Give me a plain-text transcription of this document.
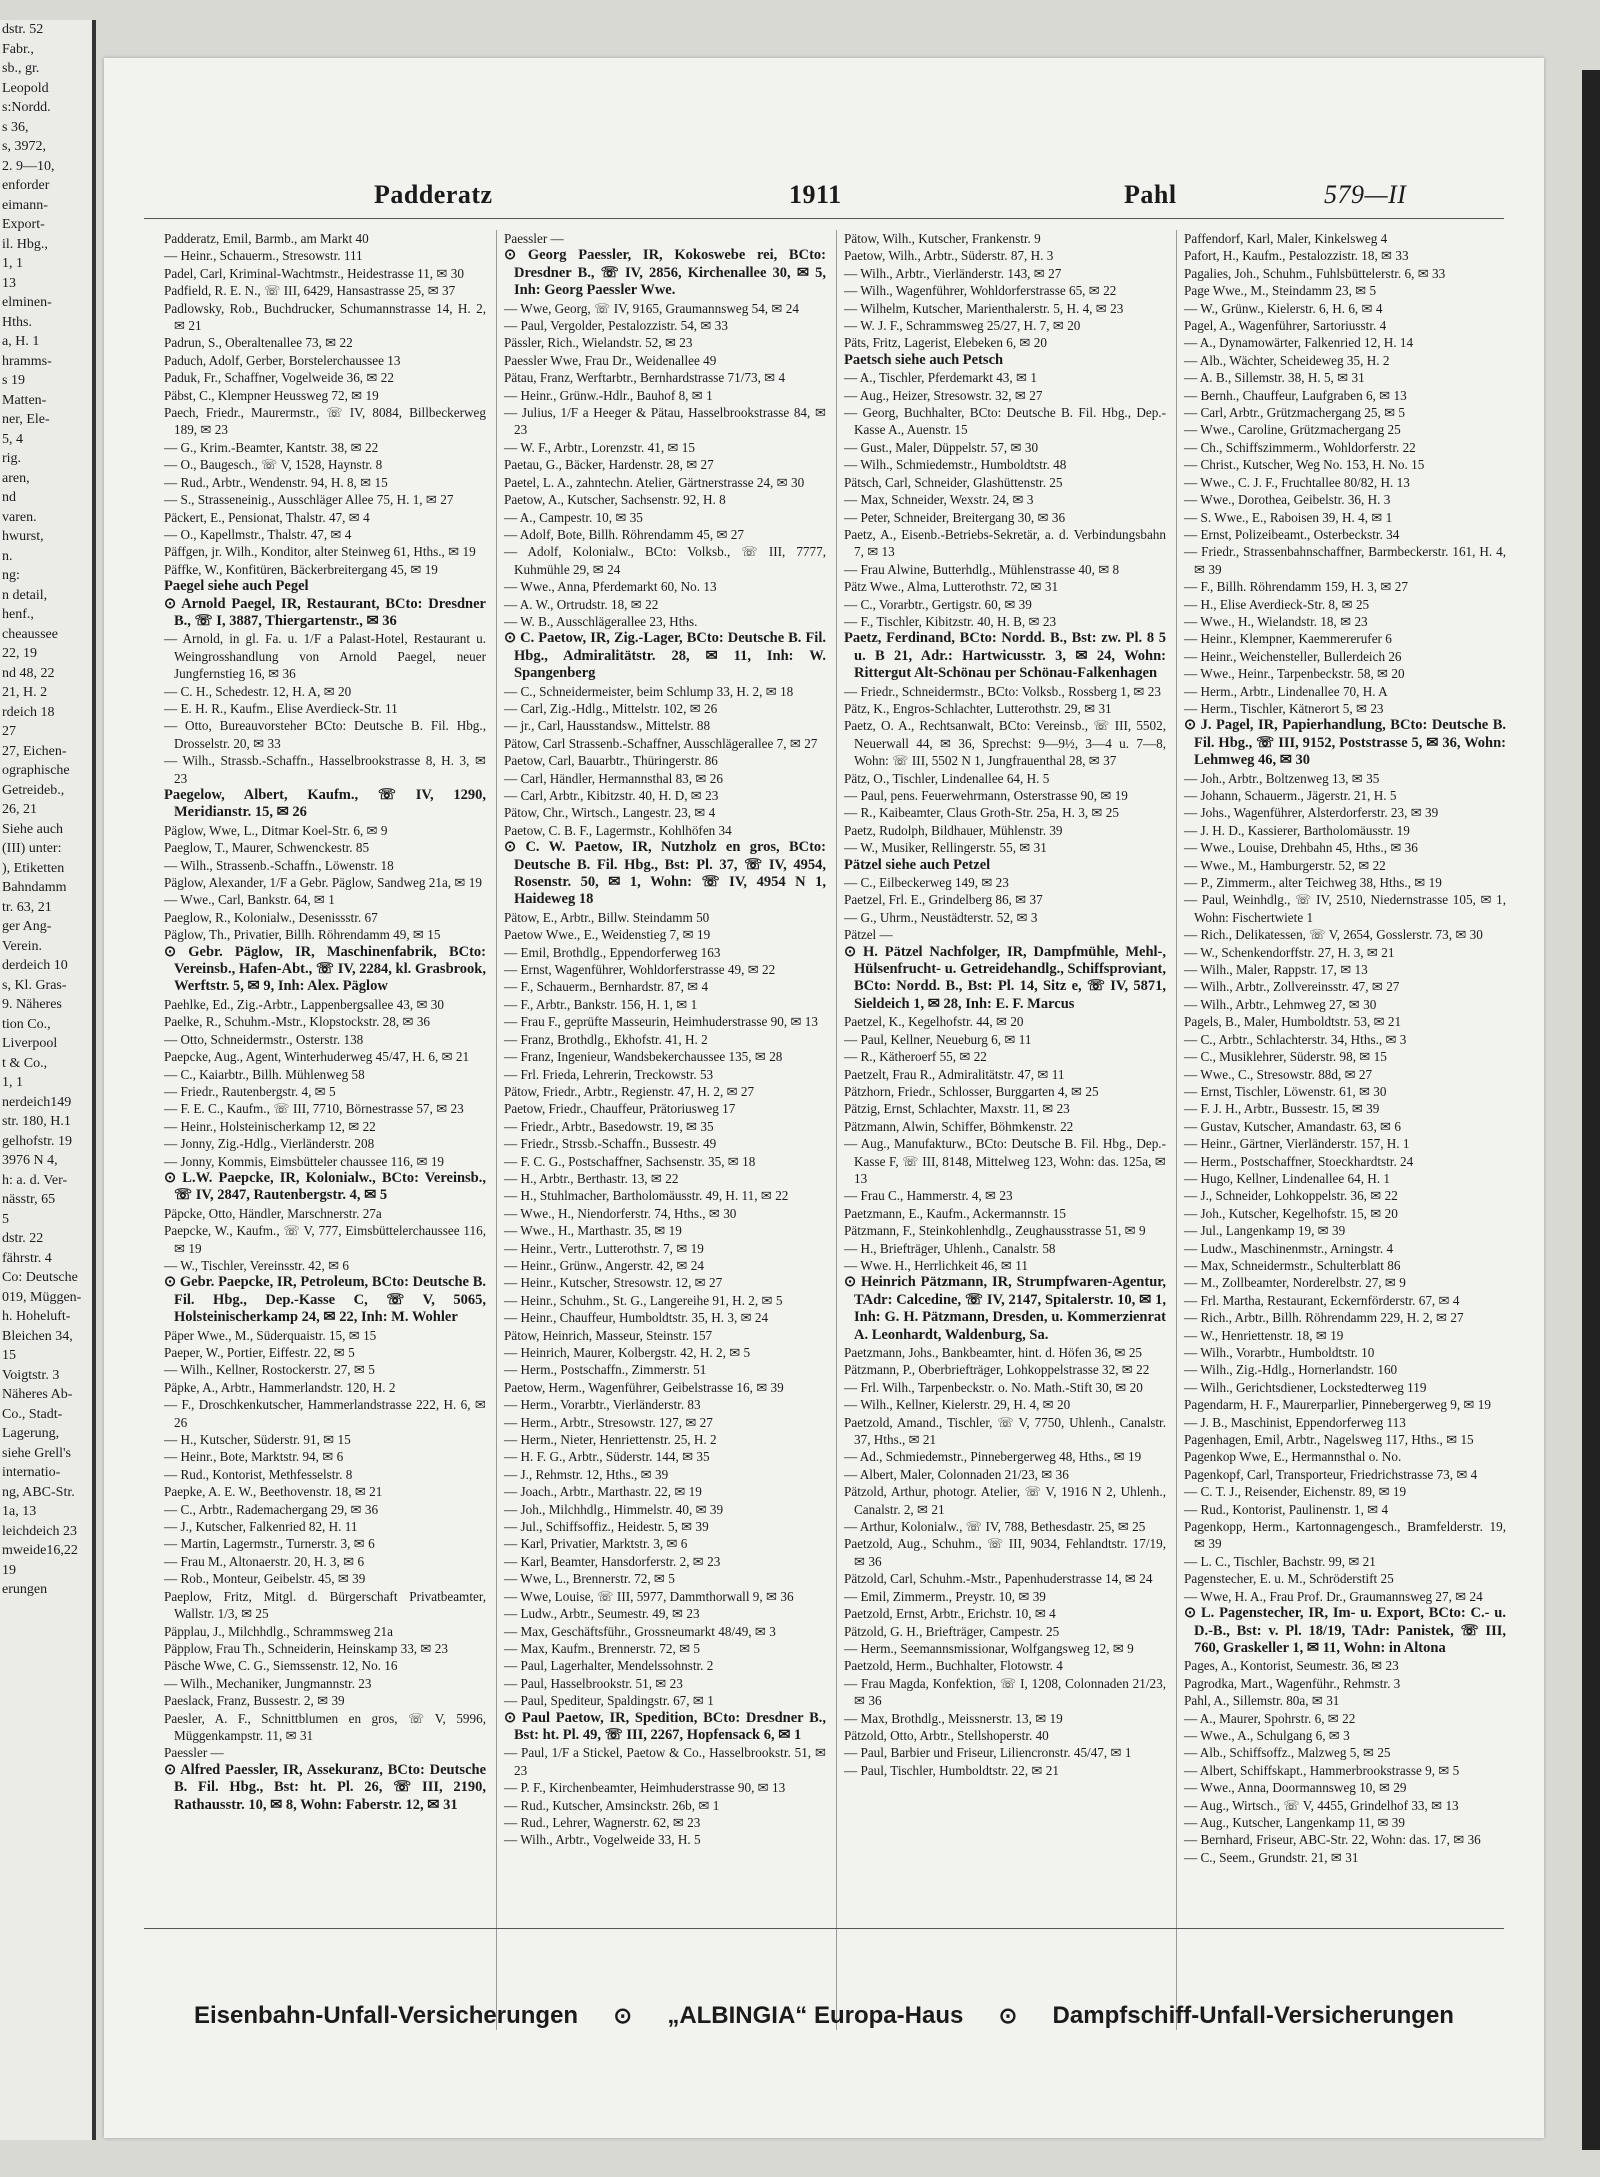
dstr. 52
Fabr.,
sb., gr.
Leopold
s:Nordd.
s 36,
s, 3972,
2. 9—10,
enforder
eimann-
Export-
il. Hbg.,
1, 1
13
elminen-
Hths.
a, H. 1
hramms-
s 19
Matten-
ner, Ele-
5, 4
rig.
aren,
nd
varen.
hwurst,
n.
ng:
n detail,
henf.,
cheaussee
22, 19
nd 48, 22
21, H. 2
rdeich 18
27
27, Eichen-
ographische
Getreideb.,
26, 21
Siehe auch
(III) unter:
), Etiketten
Bahndamm
tr. 63, 21
ger Ang-
Verein.
derdeich 10
s, Kl. Gras-
9. Näheres
tion Co.,
Liverpool
t & Co.,
1, 1
nerdeich149
str. 180, H.1
gelhofstr. 19
3976 N 4,
h: a. d. Ver-
nässtr, 65
5
dstr. 22
fährstr. 4
Co: Deutsche
019, Müggen-
h. Hoheluft-
Bleichen 34,
15
Voigtstr. 3
Näheres Ab-
Co., Stadt-
Lagerung,
siehe Grell's
internatio-
ng, ABC-Str.
1a, 13
leichdeich 23
mweide16,22
19
erungen
Padderatz	1911	Pahl	579—II
Padderatz, Emil, Barmb., am Markt 40
— Heinr., Schauerm., Stresowstr. 111
Padel, Carl, Kriminal-Wachtmstr., Heidestrasse 11, ✉ 30
Padfield, R. E. N., ☏ III, 6429, Hansastrasse 25, ✉ 37
Padlowsky, Rob., Buchdrucker, Schumannstrasse 14, H. 2, ✉ 21
Padrun, S., Oberaltenallee 73, ✉ 22
Paduch, Adolf, Gerber, Borstelerchaussee 13
Paduk, Fr., Schaffner, Vogelweide 36, ✉ 22
Päbst, C., Klempner Heussweg 72, ✉ 19
Paech, Friedr., Maurermstr., ☏ IV, 8084, Billbeckerweg 189, ✉ 23
— G., Krim.-Beamter, Kantstr. 38, ✉ 22
— O., Baugesch., ☏ V, 1528, Haynstr. 8
— Rud., Arbtr., Wendenstr. 94, H. 8, ✉ 15
— S., Strasseneinig., Ausschläger Allee 75, H. 1, ✉ 27
Päckert, E., Pensionat, Thalstr. 47, ✉ 4
— O., Kapellmstr., Thalstr. 47, ✉ 4
Päffgen, jr. Wilh., Konditor, alter Steinweg 61, Hths., ✉ 19
Päffke, W., Konfitüren, Bäckerbreitergang 45, ✉ 19
Paegel siehe auch Pegel
⊙ Arnold Paegel, IR, Restaurant, BCto: Dresdner B., ☏ I, 3887, Thiergartenstr., ✉ 36
— Arnold, in gl. Fa. u. 1/F a Palast-Hotel, Restaurant u. Weingrosshandlung von Arnold Paegel, neuer Jungfernstieg 16, ✉ 36
— C. H., Schedestr. 12, H. A, ✉ 20
— E. H. R., Kaufm., Elise Averdieck-Str. 11
— Otto, Bureauvorsteher BCto: Deutsche B. Fil. Hbg., Drosselstr. 20, ✉ 33
— Wilh., Strassb.-Schaffn., Hasselbrookstrasse 8, H. 3, ✉ 23
Paegelow, Albert, Kaufm., ☏ IV, 1290, Meridianstr. 15, ✉ 26
Päglow, Wwe, L., Ditmar Koel-Str. 6, ✉ 9
Paeglow, T., Maurer, Schwenckestr. 85
— Wilh., Strassenb.-Schaffn., Löwenstr. 18
Päglow, Alexander, 1/F a Gebr. Päglow, Sandweg 21a, ✉ 19
— Wwe., Carl, Bankstr. 64, ✉ 1
Paeglow, R., Kolonialw., Desenissstr. 67
Päglow, Th., Privatier, Billh. Röhrendamm 49, ✉ 15
⊙ Gebr. Päglow, IR, Maschinenfabrik, BCto: Vereinsb., Hafen-Abt., ☏ IV, 2284, kl. Grasbrook, Werftstr. 5, ✉ 9, Inh: Alex. Päglow
Paehlke, Ed., Zig.-Arbtr., Lappenbergsallee 43, ✉ 30
Paelke, R., Schuhm.-Mstr., Klopstockstr. 28, ✉ 36
— Otto, Schneidermstr., Osterstr. 138
Paepcke, Aug., Agent, Winterhuderweg 45/47, H. 6, ✉ 21
— C., Kaiarbtr., Billh. Mühlenweg 58
— Friedr., Rautenbergstr. 4, ✉ 5
— F. E. C., Kaufm., ☏ III, 7710, Börnestrasse 57, ✉ 23
— Heinr., Holsteinischerkamp 12, ✉ 22
— Jonny, Zig.-Hdlg., Vierländerstr. 208
— Jonny, Kommis, Eimsbütteler chaussee 116, ✉ 19
⊙ L.W. Paepcke, IR, Kolonialw., BCto: Vereinsb., ☏ IV, 2847, Rautenbergstr. 4, ✉ 5
Päpcke, Otto, Händler, Marschnerstr. 27a
Paepcke, W., Kaufm., ☏ V, 777, Eimsbüttelerchaussee 116, ✉ 19
— W., Tischler, Vereinsstr. 42, ✉ 6
⊙ Gebr. Paepcke, IR, Petroleum, BCto: Deutsche B. Fil. Hbg., Dep.-Kasse C, ☏ V, 5065, Holsteinischerkamp 24, ✉ 22, Inh: M. Wohler
Päper Wwe., M., Süderquaistr. 15, ✉ 15
Paeper, W., Portier, Eiffestr. 22, ✉ 5
— Wilh., Kellner, Rostockerstr. 27, ✉ 5
Päpke, A., Arbtr., Hammerlandstr. 120, H. 2
— F., Droschkenkutscher, Hammerlandstrasse 222, H. 6, ✉ 26
— H., Kutscher, Süderstr. 91, ✉ 15
— Heinr., Bote, Marktstr. 94, ✉ 6
— Rud., Kontorist, Methfesselstr. 8
Paepke, A. E. W., Beethovenstr. 18, ✉ 21
— C., Arbtr., Rademachergang 29, ✉ 36
— J., Kutscher, Falkenried 82, H. 11
— Martin, Lagermstr., Turnerstr. 3, ✉ 6
— Frau M., Altonaerstr. 20, H. 3, ✉ 6
— Rob., Monteur, Geibelstr. 45, ✉ 39
Paeplow, Fritz, Mitgl. d. Bürgerschaft Privatbeamter, Wallstr. 1/3, ✉ 25
Päpplau, J., Milchhdlg., Schrammsweg 21a
Päpplow, Frau Th., Schneiderin, Heinskamp 33, ✉ 23
Päsche Wwe, C. G., Siemssenstr. 12, No. 16
— Wilh., Mechaniker, Jungmannstr. 23
Paeslack, Franz, Bussestr. 2, ✉ 39
Paesler, A. F., Schnittblumen en gros, ☏ V, 5996, Müggenkampstr. 11, ✉ 31
Paessler —
⊙ Alfred Paessler, IR, Assekuranz, BCto: Deutsche B. Fil. Hbg., Bst: ht. Pl. 26, ☏ III, 2190, Rathausstr. 10, ✉ 8, Wohn: Faberstr. 12, ✉ 31
Paessler —
⊙ Georg Paessler, IR, Kokoswebe rei, BCto: Dresdner B., ☏ IV, 2856, Kirchenallee 30, ✉ 5, Inh: Georg Paessler Wwe.
— Wwe, Georg, ☏ IV, 9165, Graumannsweg 54, ✉ 24
— Paul, Vergolder, Pestalozzistr. 54, ✉ 33
Pässler, Rich., Wielandstr. 52, ✉ 23
Paessler Wwe, Frau Dr., Weidenallee 49
Pätau, Franz, Werftarbtr., Bernhardstrasse 71/73, ✉ 4
— Heinr., Grünw.-Hdlr., Bauhof 8, ✉ 1
— Julius, 1/F a Heeger & Pätau, Hasselbrookstrasse 84, ✉ 23
— W. F., Arbtr., Lorenzstr. 41, ✉ 15
Paetau, G., Bäcker, Hardenstr. 28, ✉ 27
Paetel, L. A., zahntechn. Atelier, Gärtnerstrasse 24, ✉ 30
Paetow, A., Kutscher, Sachsenstr. 92, H. 8
— A., Campestr. 10, ✉ 35
— Adolf, Bote, Billh. Röhrendamm 45, ✉ 27
— Adolf, Kolonialw., BCto: Volksb., ☏ III, 7777, Kuhmühle 29, ✉ 24
— Wwe., Anna, Pferdemarkt 60, No. 13
— A. W., Ortrudstr. 18, ✉ 22
— W. B., Ausschlägerallee 23, Hths.
⊙ C. Paetow, IR, Zig.-Lager, BCto: Deutsche B. Fil. Hbg., Admiralitätstr. 28, ✉ 11, Inh: W. Spangenberg
— C., Schneidermeister, beim Schlump 33, H. 2, ✉ 18
— Carl, Zig.-Hdlg., Mittelstr. 102, ✉ 26
— jr., Carl, Hausstandsw., Mittelstr. 88
Pätow, Carl Strassenb.-Schaffner, Ausschlägerallee 7, ✉ 27
Paetow, Carl, Bauarbtr., Thüringerstr. 86
— Carl, Händler, Hermannsthal 83, ✉ 26
— Carl, Arbtr., Kibitzstr. 40, H. D, ✉ 23
Pätow, Chr., Wirtsch., Langestr. 23, ✉ 4
Paetow, C. B. F., Lagermstr., Kohlhöfen 34
⊙ C. W. Paetow, IR, Nutzholz en gros, BCto: Deutsche B. Fil. Hbg., Bst: Pl. 37, ☏ IV, 4954, Rosenstr. 50, ✉ 1, Wohn: ☏ IV, 4954 N 1, Haideweg 18
Pätow, E., Arbtr., Billw. Steindamm 50
Paetow Wwe., E., Weidenstieg 7, ✉ 19
— Emil, Brothdlg., Eppendorferweg 163
— Ernst, Wagenführer, Wohldorferstrasse 49, ✉ 22
— F., Schauerm., Bernhardstr. 87, ✉ 4
— F., Arbtr., Bankstr. 156, H. 1, ✉ 1
— Frau F., geprüfte Masseurin, Heimhuderstrasse 90, ✉ 13
— Franz, Brothdlg., Ekhofstr. 41, H. 2
— Franz, Ingenieur, Wandsbekerchaussee 135, ✉ 28
— Frl. Frieda, Lehrerin, Treckowstr. 53
Pätow, Friedr., Arbtr., Regienstr. 47, H. 2, ✉ 27
Paetow, Friedr., Chauffeur, Prätoriusweg 17
— Friedr., Arbtr., Basedowstr. 19, ✉ 35
— Friedr., Strssb.-Schaffn., Bussestr. 49
— F. C. G., Postschaffner, Sachsenstr. 35, ✉ 18
— H., Arbtr., Berthastr. 13, ✉ 22
— H., Stuhlmacher, Bartholomäusstr. 49, H. 11, ✉ 22
— Wwe., H., Niendorferstr. 74, Hths., ✉ 30
— Wwe., H., Marthastr. 35, ✉ 19
— Heinr., Vertr., Lutterothstr. 7, ✉ 19
— Heinr., Grünw., Angerstr. 42, ✉ 24
— Heinr., Kutscher, Stresowstr. 12, ✉ 27
— Heinr., Schuhm., St. G., Langereihe 91, H. 2, ✉ 5
— Heinr., Chauffeur, Humboldtstr. 35, H. 3, ✉ 24
Pätow, Heinrich, Masseur, Steinstr. 157
— Heinrich, Maurer, Kolbergstr. 42, H. 2, ✉ 5
— Herm., Postschaffn., Zimmerstr. 51
Paetow, Herm., Wagenführer, Geibelstrasse 16, ✉ 39
— Herm., Vorarbtr., Vierländerstr. 83
— Herm., Arbtr., Stresowstr. 127, ✉ 27
— Herm., Nieter, Henriettenstr. 25, H. 2
— H. F. G., Arbtr., Süderstr. 144, ✉ 35
— J., Rehmstr. 12, Hths., ✉ 39
— Joach., Arbtr., Marthastr. 22, ✉ 19
— Joh., Milchhdlg., Himmelstr. 40, ✉ 39
— Jul., Schiffsoffiz., Heidestr. 5, ✉ 39
— Karl, Privatier, Marktstr. 3, ✉ 6
— Karl, Beamter, Hansdorferstr. 2, ✉ 23
— Wwe, L., Brennerstr. 72, ✉ 5
— Wwe, Louise, ☏ III, 5977, Dammthorwall 9, ✉ 36
— Ludw., Arbtr., Seumestr. 49, ✉ 23
— Max, Geschäftsführ., Grossneumarkt 48/49, ✉ 3
— Max, Kaufm., Brennerstr. 72, ✉ 5
— Paul, Lagerhalter, Mendelssohnstr. 2
— Paul, Hasselbrookstr. 51, ✉ 23
— Paul, Spediteur, Spaldingstr. 67, ✉ 1
⊙ Paul Paetow, IR, Spedition, BCto: Dresdner B., Bst: ht. Pl. 49, ☏ III, 2267, Hopfensack 6, ✉ 1
— Paul, 1/F a Stickel, Paetow & Co., Hasselbrookstr. 51, ✉ 23
— P. F., Kirchenbeamter, Heimhuderstrasse 90, ✉ 13
— Rud., Kutscher, Amsinckstr. 26b, ✉ 1
— Rud., Lehrer, Wagnerstr. 62, ✉ 23
— Wilh., Arbtr., Vogelweide 33, H. 5
Pätow, Wilh., Kutscher, Frankenstr. 9
Paetow, Wilh., Arbtr., Süderstr. 87, H. 3
— Wilh., Arbtr., Vierländerstr. 143, ✉ 27
— Wilh., Wagenführer, Wohldorferstrasse 65, ✉ 22
— Wilhelm, Kutscher, Marienthalerstr. 5, H. 4, ✉ 23
— W. J. F., Schrammsweg 25/27, H. 7, ✉ 20
Päts, Fritz, Lagerist, Elebeken 6, ✉ 20
Paetsch siehe auch Petsch
— A., Tischler, Pferdemarkt 43, ✉ 1
— Aug., Heizer, Stresowstr. 32, ✉ 27
— Georg, Buchhalter, BCto: Deutsche B. Fil. Hbg., Dep.-Kasse A., Auenstr. 15
— Gust., Maler, Düppelstr. 57, ✉ 30
— Wilh., Schmiedemstr., Humboldtstr. 48
Pätsch, Carl, Schneider, Glashüttenstr. 25
— Max, Schneider, Wexstr. 24, ✉ 3
— Peter, Schneider, Breitergang 30, ✉ 36
Paetz, A., Eisenb.-Betriebs-Sekretär, a. d. Verbindungsbahn 7, ✉ 13
— Frau Alwine, Butterhdlg., Mühlenstrasse 40, ✉ 8
Pätz Wwe., Alma, Lutterothstr. 72, ✉ 31
— C., Vorarbtr., Gertigstr. 60, ✉ 39
— F., Tischler, Kibitzstr. 40, H. B, ✉ 23
Paetz, Ferdinand, BCto: Nordd. B., Bst: zw. Pl. 8 5 u. B 21, Adr.: Hartwicusstr. 3, ✉ 24, Wohn: Rittergut Alt-Schönau per Schönau-Falkenhagen
— Friedr., Schneidermstr., BCto: Volksb., Rossberg 1, ✉ 23
Pätz, K., Engros-Schlachter, Lutterothstr. 29, ✉ 31
Paetz, O. A., Rechtsanwalt, BCto: Vereinsb., ☏ III, 5502, Neuerwall 44, ✉ 36, Sprechst: 9—9½, 3—4 u. 7—8, Wohn: ☏ III, 5502 N 1, Jungfrauenthal 28, ✉ 37
Pätz, O., Tischler, Lindenallee 64, H. 5
— Paul, pens. Feuerwehrmann, Osterstrasse 90, ✉ 19
— R., Kaibeamter, Claus Groth-Str. 25a, H. 3, ✉ 25
Paetz, Rudolph, Bildhauer, Mühlenstr. 39
— W., Musiker, Rellingerstr. 55, ✉ 31
Pätzel siehe auch Petzel
— C., Eilbeckerweg 149, ✉ 23
Paetzel, Frl. E., Grindelberg 86, ✉ 37
— G., Uhrm., Neustädterstr. 52, ✉ 3
Pätzel —
⊙ H. Pätzel Nachfolger, IR, Dampfmühle, Mehl-, Hülsenfrucht- u. Getreidehandlg., Schiffsproviant, BCto: Nordd. B., Bst: Pl. 14, Sitz e, ☏ IV, 5871, Sieldeich 1, ✉ 28, Inh: E. F. Marcus
Paetzel, K., Kegelhofstr. 44, ✉ 20
— Paul, Kellner, Neueburg 6, ✉ 11
— R., Kätheroerf 55, ✉ 22
Paetzelt, Frau R., Admiralitätstr. 47, ✉ 11
Pätzhorn, Friedr., Schlosser, Burggarten 4, ✉ 25
Pätzig, Ernst, Schlachter, Maxstr. 11, ✉ 23
Pätzmann, Alwin, Schiffer, Böhmkenstr. 22
— Aug., Manufakturw., BCto: Deutsche B. Fil. Hbg., Dep.-Kasse F, ☏ III, 8148, Mittelweg 123, Wohn: das. 125a, ✉ 13
— Frau C., Hammerstr. 4, ✉ 23
Paetzmann, E., Kaufm., Ackermannstr. 15
Pätzmann, F., Steinkohlenhdlg., Zeughausstrasse 51, ✉ 9
— H., Briefträger, Uhlenh., Canalstr. 58
— Wwe. H., Herrlichkeit 46, ✉ 11
⊙ Heinrich Pätzmann, IR, Strumpfwaren-Agentur, TAdr: Calcedine, ☏ IV, 2147, Spitalerstr. 10, ✉ 1, Inh: G. H. Pätzmann, Dresden, u. Kommerzienrat A. Leonhardt, Waldenburg, Sa.
Paetzmann, Johs., Bankbeamter, hint. d. Höfen 36, ✉ 25
Pätzmann, P., Oberbriefträger, Lohkoppelstrasse 32, ✉ 22
— Frl. Wilh., Tarpenbeckstr. o. No. Math.-Stift 30, ✉ 20
— Wilh., Kellner, Kielerstr. 29, H. 4, ✉ 20
Paetzold, Amand., Tischler, ☏ V, 7750, Uhlenh., Canalstr. 37, Hths., ✉ 21
— Ad., Schmiedemstr., Pinnebergerweg 48, Hths., ✉ 19
— Albert, Maler, Colonnaden 21/23, ✉ 36
Pätzold, Arthur, photogr. Atelier, ☏ V, 1916 N 2, Uhlenh., Canalstr. 2, ✉ 21
— Arthur, Kolonialw., ☏ IV, 788, Bethesdastr. 25, ✉ 25
Paetzold, Aug., Schuhm., ☏ III, 9034, Fehlandtstr. 17/19, ✉ 36
Pätzold, Carl, Schuhm.-Mstr., Papenhuderstrasse 14, ✉ 24
— Emil, Zimmerm., Preystr. 10, ✉ 39
Paetzold, Ernst, Arbtr., Erichstr. 10, ✉ 4
Pätzold, G. H., Briefträger, Campestr. 25
— Herm., Seemannsmissionar, Wolfgangsweg 12, ✉ 9
Paetzold, Herm., Buchhalter, Flotowstr. 4
— Frau Magda, Konfektion, ☏ I, 1208, Colonnaden 21/23, ✉ 36
— Max, Brothdlg., Meissnerstr. 13, ✉ 19
Pätzold, Otto, Arbtr., Stellshoperstr. 40
— Paul, Barbier und Friseur, Liliencronstr. 45/47, ✉ 1
— Paul, Tischler, Humboldtstr. 22, ✉ 21
Paffendorf, Karl, Maler, Kinkelsweg 4
Pafort, H., Kaufm., Pestalozzistr. 18, ✉ 33
Pagalies, Joh., Schuhm., Fuhlsbüttelerstr. 6, ✉ 33
Page Wwe., M., Steindamm 23, ✉ 5
— W., Grünw., Kielerstr. 6, H. 6, ✉ 4
Pagel, A., Wagenführer, Sartoriusstr. 4
— A., Dynamowärter, Falkenried 12, H. 14
— Alb., Wächter, Scheideweg 35, H. 2
— A. B., Sillemstr. 38, H. 5, ✉ 31
— Bernh., Chauffeur, Laufgraben 6, ✉ 13
— Carl, Arbtr., Grützmachergang 25, ✉ 5
— Wwe., Caroline, Grützmachergang 25
— Ch., Schiffszimmerm., Wohldorferstr. 22
— Christ., Kutscher, Weg No. 153, H. No. 15
— Wwe., C. J. F., Fruchtallee 80/82, H. 13
— Wwe., Dorothea, Geibelstr. 36, H. 3
— S. Wwe., E., Raboisen 39, H. 4, ✉ 1
— Ernst, Polizeibeamt., Osterbeckstr. 34
— Friedr., Strassenbahnschaffner, Barmbeckerstr. 161, H. 4, ✉ 39
— F., Billh. Röhrendamm 159, H. 3, ✉ 27
— H., Elise Averdieck-Str. 8, ✉ 25
— Wwe., H., Wielandstr. 18, ✉ 23
— Heinr., Klempner, Kaemmererufer 6
— Heinr., Weichensteller, Bullerdeich 26
— Wwe., Heinr., Tarpenbeckstr. 58, ✉ 20
— Herm., Arbtr., Lindenallee 70, H. A
— Herm., Tischler, Kätnerort 5, ✉ 23
⊙ J. Pagel, IR, Papierhandlung, BCto: Deutsche B. Fil. Hbg., ☏ III, 9152, Poststrasse 5, ✉ 36, Wohn: Lehmweg 46, ✉ 30
— Joh., Arbtr., Boltzenweg 13, ✉ 35
— Johann, Schauerm., Jägerstr. 21, H. 5
— Johs., Wagenführer, Alsterdorferstr. 23, ✉ 39
— J. H. D., Kassierer, Bartholomäusstr. 19
— Wwe., Louise, Drehbahn 45, Hths., ✉ 36
— Wwe., M., Hamburgerstr. 52, ✉ 22
— P., Zimmerm., alter Teichweg 38, Hths., ✉ 19
— Paul, Weinhdlg., ☏ IV, 2510, Niedernstrasse 105, ✉ 1, Wohn: Fischertwiete 1
— Rich., Delikatessen, ☏ V, 2654, Gosslerstr. 73, ✉ 30
— W., Schenkendorffstr. 27, H. 3, ✉ 21
— Wilh., Maler, Rappstr. 17, ✉ 13
— Wilh., Arbtr., Zollvereinsstr. 47, ✉ 27
— Wilh., Arbtr., Lehmweg 27, ✉ 30
Pagels, B., Maler, Humboldtstr. 53, ✉ 21
— C., Arbtr., Schlachterstr. 34, Hths., ✉ 3
— C., Musiklehrer, Süderstr. 98, ✉ 15
— Wwe., C., Stresowstr. 88d, ✉ 27
— Ernst, Tischler, Löwenstr. 61, ✉ 30
— F. J. H., Arbtr., Bussestr. 15, ✉ 39
— Gustav, Kutscher, Amandastr. 63, ✉ 6
— Heinr., Gärtner, Vierländerstr. 157, H. 1
— Herm., Postschaffner, Stoeckhardtstr. 24
— Hugo, Kellner, Lindenallee 64, H. 1
— J., Schneider, Lohkoppelstr. 36, ✉ 22
— Joh., Kutscher, Kegelhofstr. 15, ✉ 20
— Jul., Langenkamp 19, ✉ 39
— Ludw., Maschinenmstr., Arningstr. 4
— Max, Schneidermstr., Schulterblatt 86
— M., Zollbeamter, Norderelbstr. 27, ✉ 9
— Frl. Martha, Restaurant, Eckernförderstr. 67, ✉ 4
— Rich., Arbtr., Billh. Röhrendamm 229, H. 2, ✉ 27
— W., Henriettenstr. 18, ✉ 19
— Wilh., Vorarbtr., Humboldtstr. 10
— Wilh., Zig.-Hdlg., Hornerlandstr. 160
— Wilh., Gerichtsdiener, Lockstedterweg 119
Pagendarm, H. F., Maurerparlier, Pinnebergerweg 9, ✉ 19
— J. B., Maschinist, Eppendorferweg 113
Pagenhagen, Emil, Arbtr., Nagelsweg 117, Hths., ✉ 15
Pagenkop Wwe, E., Hermannsthal o. No.
Pagenkopf, Carl, Transporteur, Friedrichstrasse 73, ✉ 4
— C. T. J., Reisender, Eichenstr. 89, ✉ 19
— Rud., Kontorist, Paulinenstr. 1, ✉ 4
Pagenkopp, Herm., Kartonnagengesch., Bramfelderstr. 19, ✉ 39
— L. C., Tischler, Bachstr. 99, ✉ 21
Pagenstecher, E. u. M., Schröderstift 25
— Wwe, H. A., Frau Prof. Dr., Graumannsweg 27, ✉ 24
⊙ L. Pagenstecher, IR, Im- u. Export, BCto: C.- u. D.-B., Bst: v. Pl. 18/19, TAdr: Panistek, ☏ III, 760, Graskeller 1, ✉ 11, Wohn: in Altona
Pages, A., Kontorist, Seumestr. 36, ✉ 23
Pagrodka, Mart., Wagenführ., Rehmstr. 3
Pahl, A., Sillemstr. 80a, ✉ 31
— A., Maurer, Spohrstr. 6, ✉ 22
— Wwe., A., Schulgang 6, ✉ 3
— Alb., Schiffsoffz., Malzweg 5, ✉ 25
— Albert, Schiffskapt., Hammerbrookstrasse 9, ✉ 5
— Wwe., Anna, Doormannsweg 10, ✉ 29
— Aug., Wirtsch., ☏ V, 4455, Grindelhof 33, ✉ 13
— Aug., Kutscher, Langenkamp 11, ✉ 39
— Bernhard, Friseur, ABC-Str. 22, Wohn: das. 17, ✉ 36
— C., Seem., Grundstr. 21, ✉ 31
Eisenbahn-Unfall-Versicherungen ⊙ „ALBINGIA“ Europa-Haus ⊙ Dampfschiff-Unfall-Versicherungen
